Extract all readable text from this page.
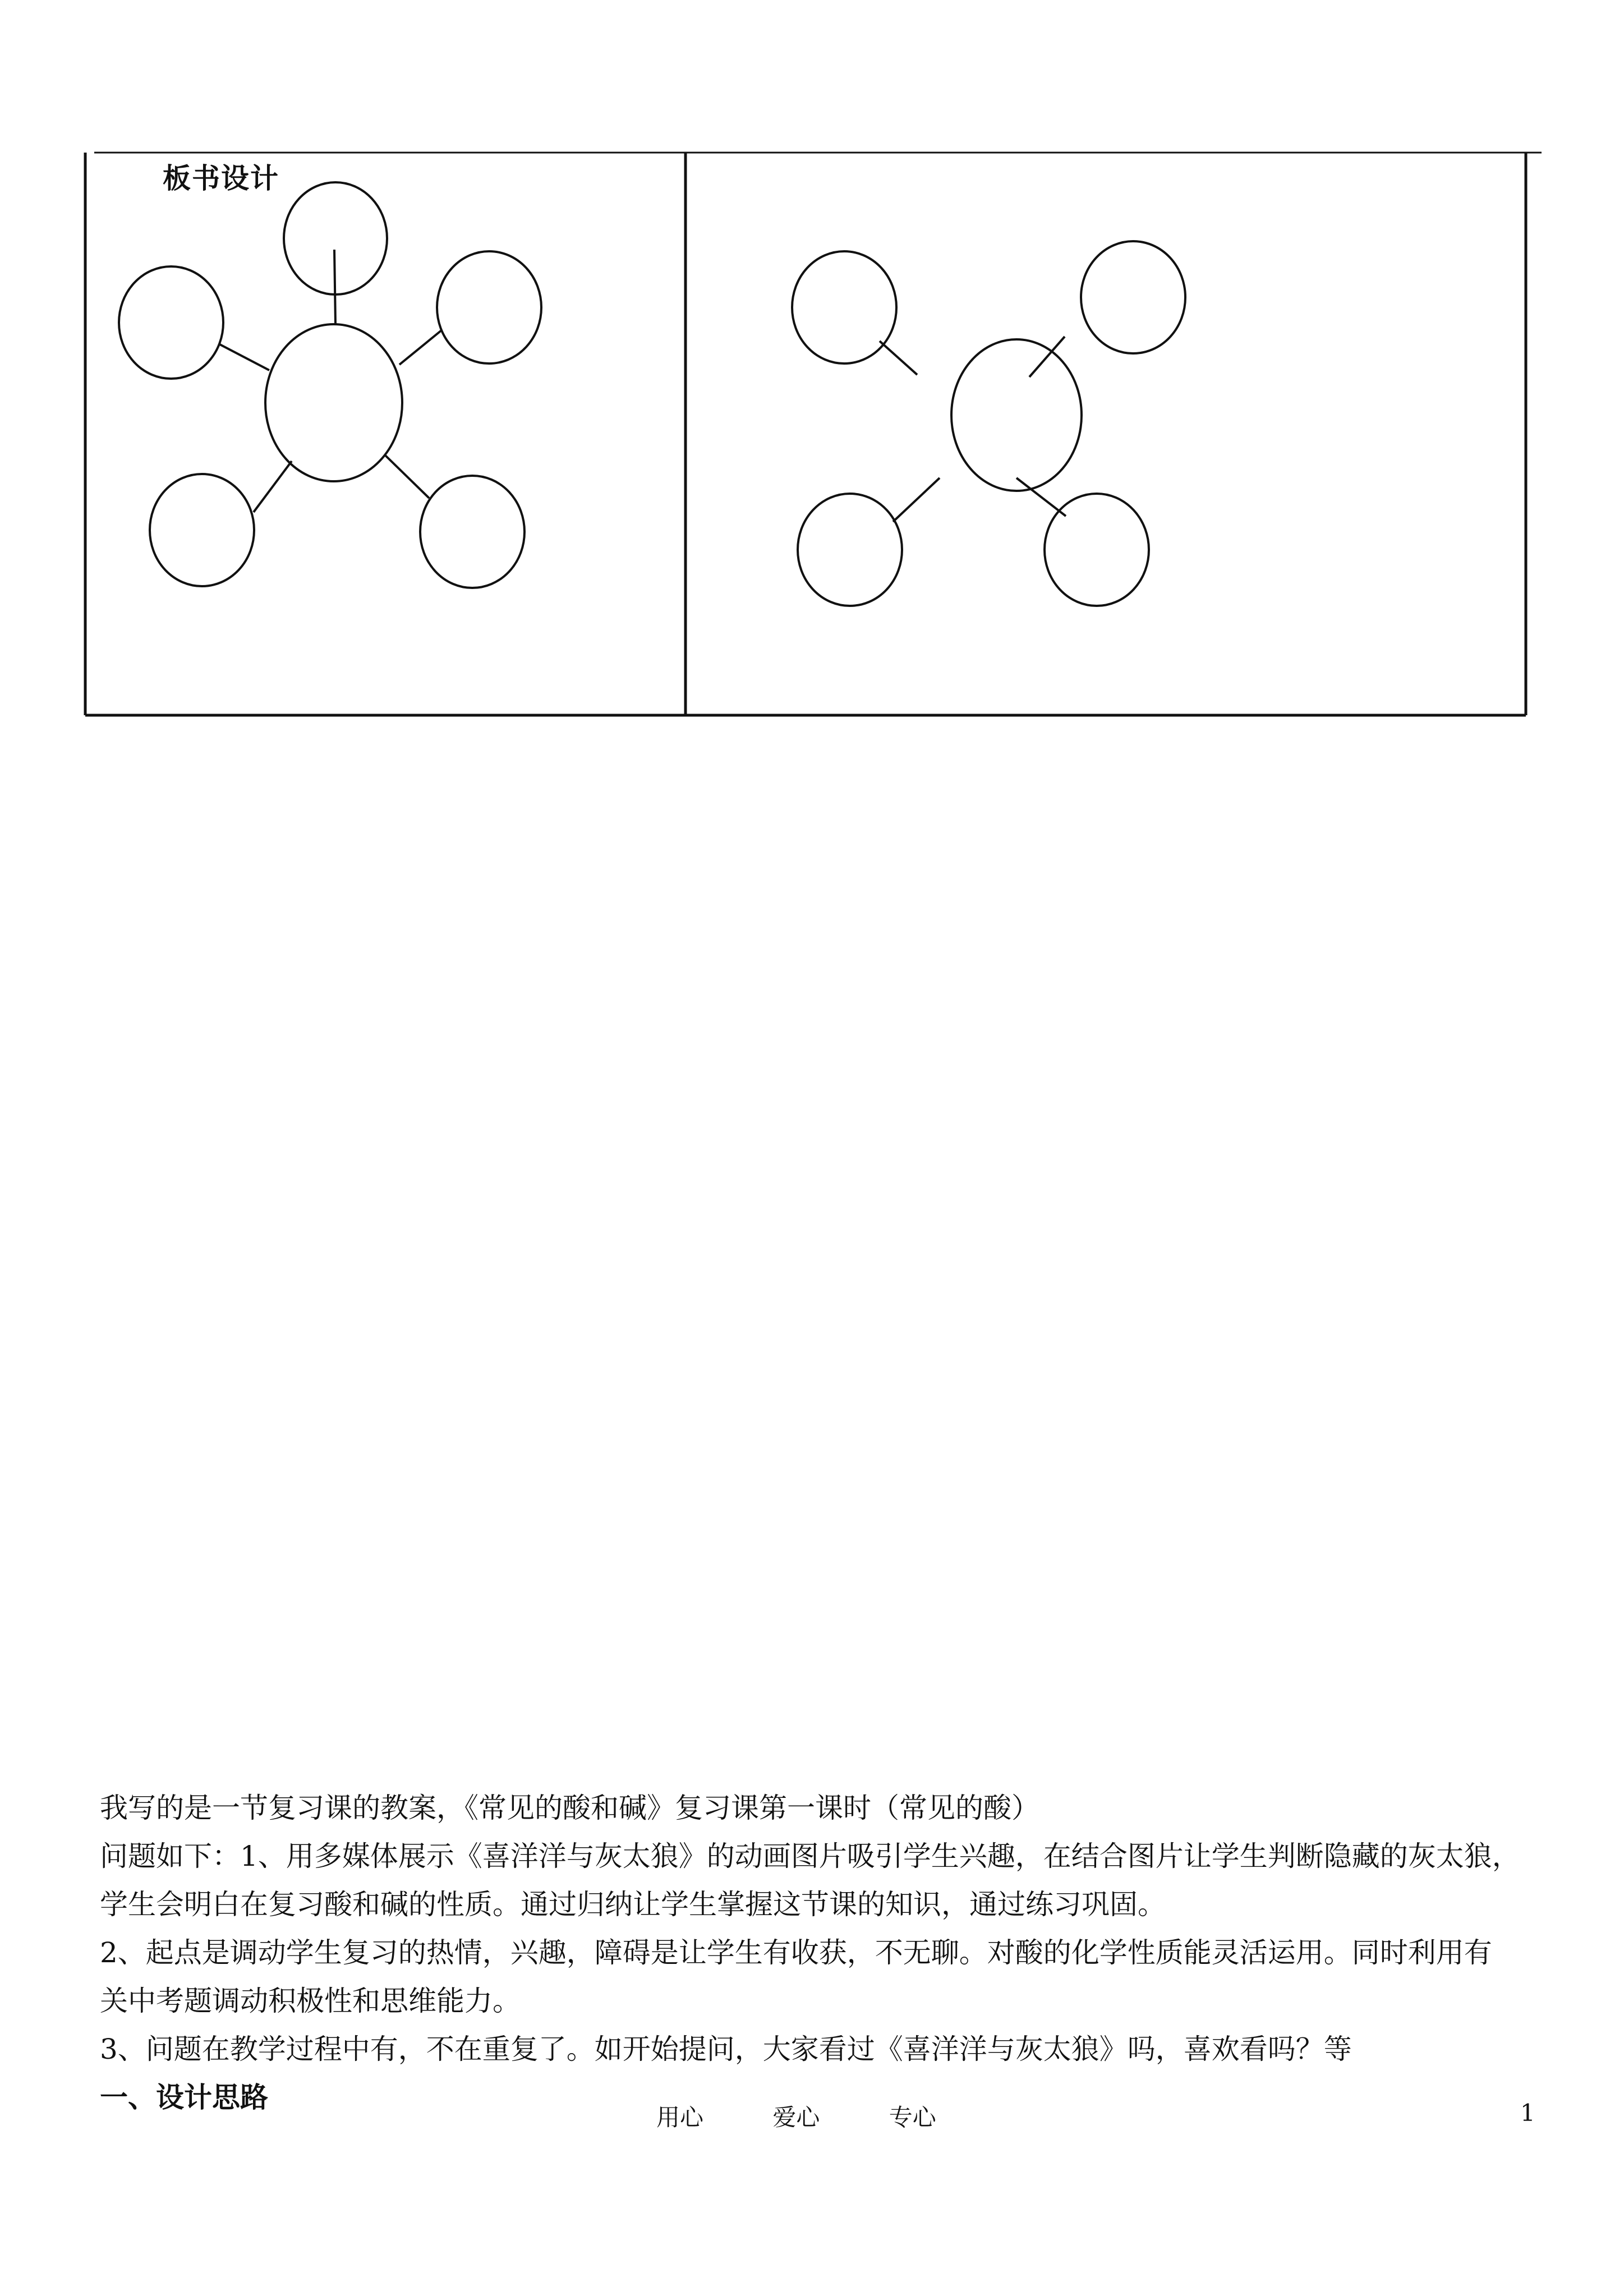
板书设计

我写的是一节复习课的教案，《常见的酸和碱》复习课第一课时（常见的酸）

问题如下：1、用多媒体展示《喜洋洋与灰太狼》的动画图片吸引学生兴趣，在结合图片让学生判断隐藏的灰太狼，

学生会明白在复习酸和碱的性质。通过归纳让学生掌握这节课的知识，通过练习巩固。

2、起点是调动学生复习的热情，兴趣，障碍是让学生有收获，不无聊。对酸的化学性质能灵活运用。同时利用有

关中考题调动积极性和思维能力。

3、问题在教学过程中有，不在重复了。如开始提问，大家看过《喜洋洋与灰太狼》吗，喜欢看吗？等

一、设计思路

用心	爱心	专心	1
